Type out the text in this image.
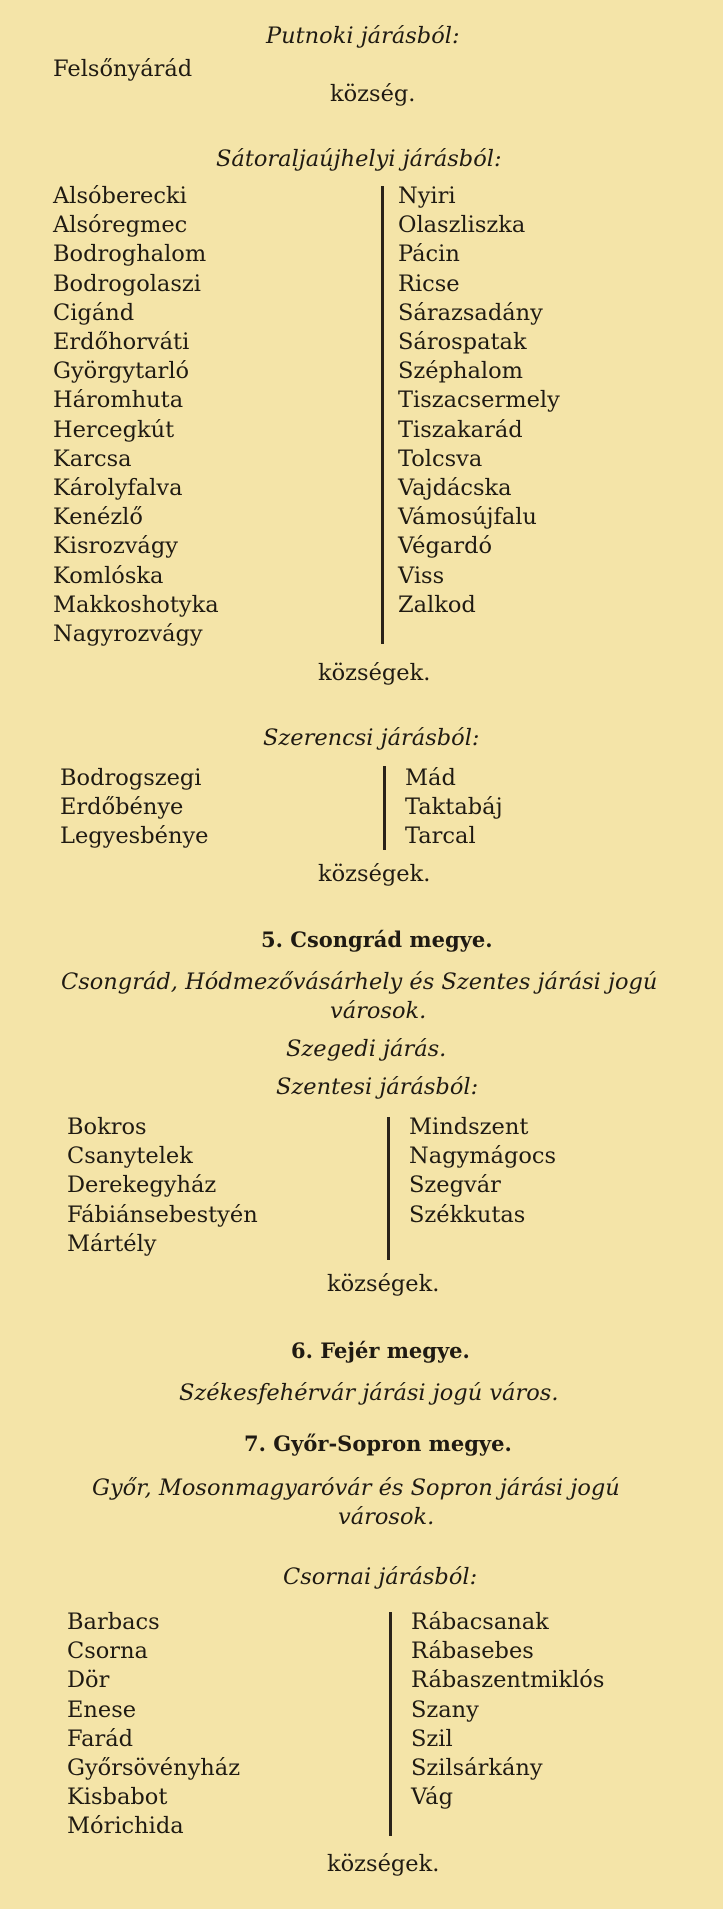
Putnoki járásból:
Felsőnyárád
község.
Sátoraljaújhelyi járásból:
Alsóberecki
Alsóregmec
Bodroghalom
Bodrogolaszi
Cigánd
Erdőhorváti
Györgytarló
Háromhuta
Hercegkút
Karcsa
Károlyfalva
Kenézlő
Kisrozvágy
Komlóska
Makkoshotyka
Nagyrozvágy
Nyiri
Olaszliszka
Pácin
Ricse
Sárazsadány
Sárospatak
Széphalom
Tiszacsermely
Tiszakarád
Tolcsva
Vajdácska
Vámosújfalu
Végardó
Viss
Zalkod
községek.
Szerencsi járásból:
Bodrogszegi
Erdőbénye
Legyesbénye
Mád
Taktabáj
Tarcal
községek.
5. Csongrád megye.
Csongrád, Hódmezővásárhely és Szentes járási jogú
városok.
Szegedi járás.
Szentesi járásból:
Bokros
Csanytelek
Derekegyház
Fábiánsebestyén
Mártély
Mindszent
Nagymágocs
Szegvár
Székkutas
községek.
6. Fejér megye.
Székesfehérvár járási jogú város.
7. Győr-Sopron megye.
Győr, Mosonmagyaróvár és Sopron járási jogú
városok.
Csornai járásból:
Barbacs
Csorna
Dör
Enese
Farád
Győrsövényház
Kisbabot
Mórichida
Rábacsanak
Rábasebes
Rábaszentmiklós
Szany
Szil
Szilsárkány
Vág
községek.
